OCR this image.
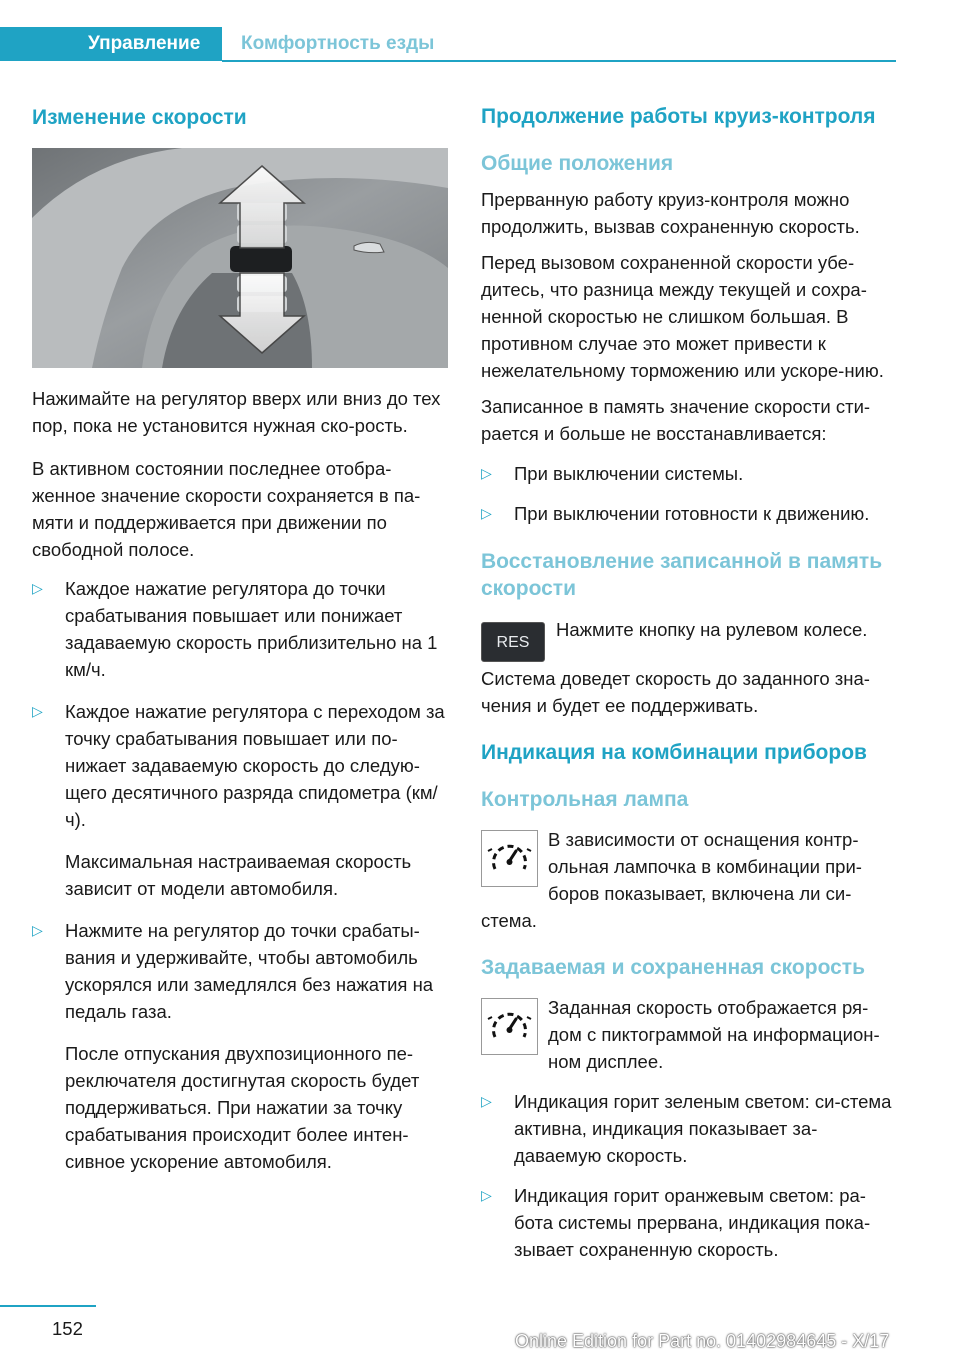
Управление	Комфортность езды
Изменение скорости

Нажимайте на регулятор вверх или вниз до тех пор, пока не установится нужная ско-рость.

В активном состоянии последнее отобра-женное значение скорости сохраняется в па-мяти и поддерживается при движении по свободной полосе.

▷ Каждое нажатие регулятора до точки срабатывания повышает или понижает задаваемую скорость приблизительно на 1 км/ч.
▷ Каждое нажатие регулятора с переходом за точку срабатывания повышает или по-нижает задаваемую скорость до следую-щего десятичного разряда спидометра (км/ч).
Максимальная настраиваемая скорость зависит от модели автомобиля.
▷ Нажмите на регулятор до точки срабаты-вания и удерживайте, чтобы автомобиль ускорялся или замедлялся без нажатия на педаль газа.
После отпускания двухпозиционного пе-реключателя достигнутая скорость будет поддерживаться. При нажатии за точку срабатывания происходит более интен-сивное ускорение автомобиля.
Продолжение работы круиз-контроля
Общие положения

Прерванную работу круиз-контроля можно продолжить, вызвав сохраненную скорость.

Перед вызовом сохраненной скорости убе-дитесь, что разница между текущей и сохра-ненной скоростью не слишком большая. В противном случае это может привести к нежелательному торможению или ускоре-нию.

Записанное в память значение скорости сти-рается и больше не восстанавливается:

▷ При выключении системы.
▷ При выключении готовности к движению.
Восстановление записанной в память скорости
RES

Нажмите кнопку на рулевом колесе.

Система доведет скорость до заданного зна-чения и будет ее поддерживать.

Индикация на комбинации приборов
Контрольная лампа

В зависимости от оснащения контр-ольная лампочка в комбинации при-боров показывает, включена ли си-стема.

Задаваемая и сохраненная скорость

Заданная скорость отображается ря-дом с пиктограммой на информацион-ном дисплее.

▷ Индикация горит зеленым светом: си-стема активна, индикация показывает за-даваемую скорость.
▷ Индикация горит оранжевым светом: ра-бота системы прервана, индикация пока-зывает сохраненную скорость.
152
Online Edition for Part no. 01402984645 - X/17
